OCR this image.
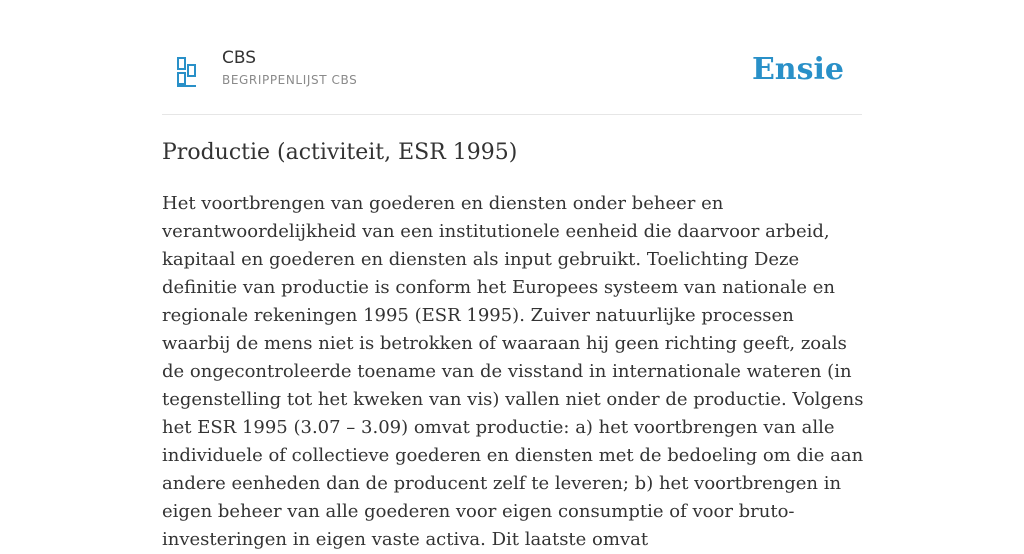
CBS
BEGRIPPENLIJST CBS	Ensie
Productie (activiteit, ESR 1995)

Het voortbrengen van goederen en diensten onder beheer en verantwoordelijkheid van een institutionele eenheid die daarvoor arbeid, kapitaal en goederen en diensten als input gebruikt. Toelichting Deze definitie van productie is conform het Europees systeem van nationale en regionale rekeningen 1995 (ESR 1995). Zuiver natuurlijke processen waarbij de mens niet is betrokken of waaraan hij geen richting geeft, zoals de ongecontroleerde toename van de visstand in internationale wateren (in tegenstelling tot het kweken van vis) vallen niet onder de productie. Volgens het ESR 1995 (3.07 – 3.09) omvat productie: a) het voortbrengen van alle individuele of collectieve goederen en diensten met de bedoeling om die aan andere eenheden dan de producent zelf te leveren; b) het voortbrengen in eigen beheer van alle goederen voor eigen consumptie of voor bruto-investeringen in eigen vaste activa. Dit laatste omvat
